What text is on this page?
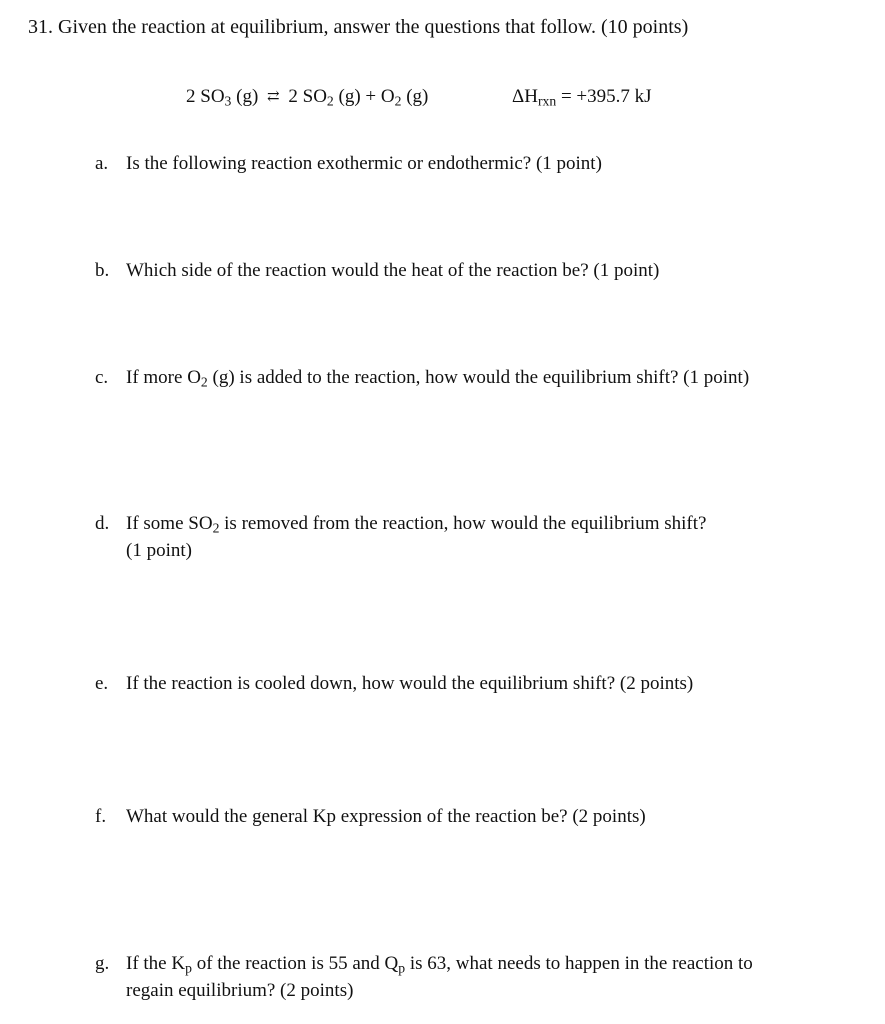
31. Given the reaction at equilibrium, answer the questions that follow. (10 points)
2 $SO_3$ (g) ⇄ 2 $SO_2$ $(g) + O_2$ (g)	$\Delta H_{rxn} = +395.7$ kJ
a. Is the following reaction exothermic or endothermic? (1 point)
b. Which side of the reaction would the heat of the reaction be? (1 point)
c. If more $O_2$ (g) is added to the reaction, how would the equilibrium shift? (1 point)
d. If some $SO_2$ is removed from the reaction, how would the equilibrium shift?
(1 point)
e. If the reaction is cooled down, how would the equilibrium shift? (2 points)
f.	What would the general Kp expression of the reaction be? (2 points)
g. If the $K_p$ of the reaction is 55 and $Q_p$ is 63, what needs to happen in the reaction to
regain equilibrium? (2 points)
